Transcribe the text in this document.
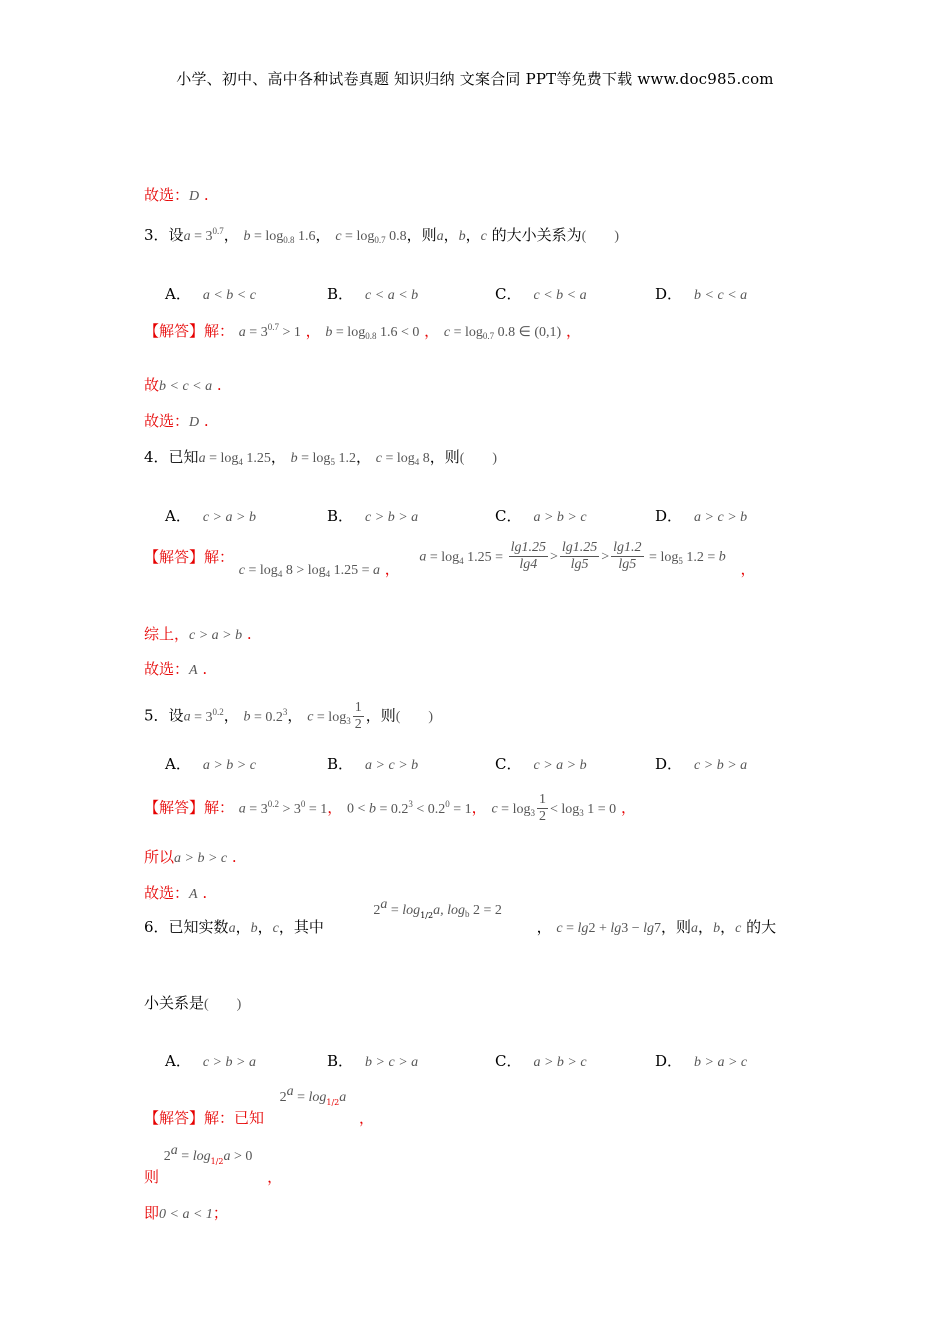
小学、初中、高中各种试卷真题 知识归纳 文案合同 PPT等免费下载 www.doc985.com
故选：D .
3．设$a = 3^{0.7}$， $b = \log_{0.8} 1.6$， $c = \log_{0.7} 0.8$，则a，b，c 的大小关系为(        )
A． a < b < c	B． c < a < b	C． c < b < a	D． b < c < a
【解答】解： $a = 3^{0.7} > 1$ ， $b = \log_{0.8} 1.6 < 0$ ， $c = \log_{0.7} 0.8$ ∈ (0,1) ，
故b < c < a .
故选：D .
4．已知$a = \log_4 1.25$， $b = \log_5 1.2$， $c = \log_4 8$，则(        )
A． c > a > b	B． c > b > a	C． a > b > c	D． a > c > b
【解答】解： $c = \log_4 8 > \log_4 1.25 = a$ ，  $a = \log_4 1.25 = \frac{\lg 1.25}{\lg 4} > \frac{\lg 1.25}{\lg 5} > \frac{\lg 1.2}{\lg 5} = \log_5 1.2 = b$ ，
综上，c > a > b .
故选：A .
5．设$a = 3^{0.2}$， $b = 0.2^3$， $c = \log_3 \frac{1}{2}$ ，则(        )
A． a > b > c	B． a > c > b	C． c > a > b	D． c > b > a
【解答】解： $a = 3^{0.2} > 3^0 = 1$， $0 < b = 0.2^3 < 0.2^0 = 1$， $c = \log_3 \frac{1}{2} < \log_3 1 = 0$ ，
所以a > b > c .
故选：A .
6．已知实数a，b，c，其中  $2^a = \log^{1/2}a$, $\log_b 2 = 2$ ， c = lg2 + lg3 − lg7，则a，b，c 的大
小关系是(        )
A． c > b > a	B． b > c > a	C． a > b > c	D． b > a > c
【解答】解：已知  $2^a = \log^{1/2}a$ ，
则 $2^a = \log^{1/2}a > 0$ ，
即0 < a < 1；
